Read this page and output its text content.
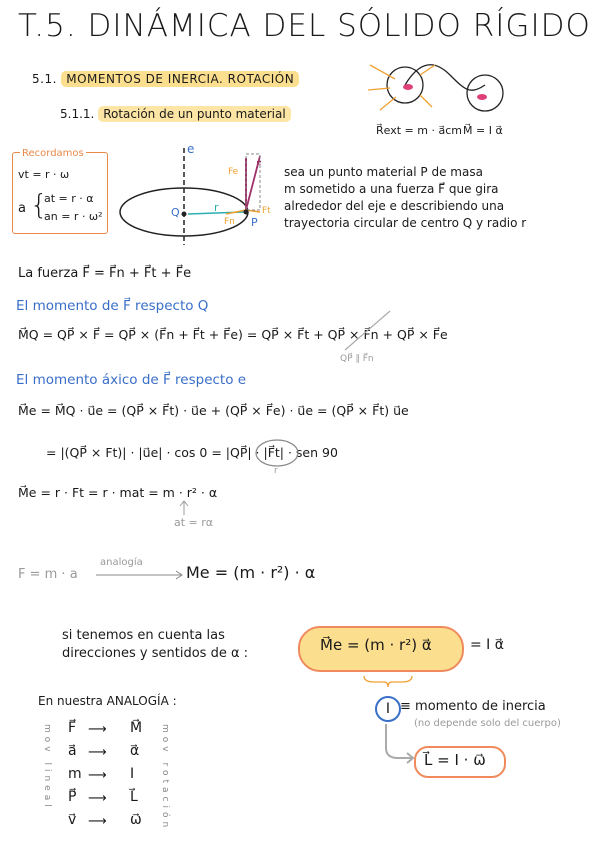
T.5. DINÁMICA DEL SÓLIDO RÍGIDO
5.1. MOMENTOS DE INERCIA. ROTACIÓN
5.1.1. Rotación de un punto material
R⃗ext = m · a⃗cm M⃗ = I α⃗
Recordamos
vt = r · ω
a {
at = r · α
an = r · ω²
e
Q	r
P
Fe
F
Ft
Fn
sea un punto material P de masa
m sometido a una fuerza F⃗ que gira
alrededor del eje e describiendo una
trayectoria circular de centro Q y radio r
La fuerza F⃗ = F⃗n + F⃗t + F⃗e
El momento de F⃗ respecto Q
M⃗Q = QP⃗ × F⃗ = QP⃗ × (F⃗n + F⃗t + F⃗e) = QP⃗ × F⃗t + QP⃗ × F⃗n + QP⃗ × F⃗e
QP⃗ ∥ F⃗n
El momento áxico de F⃗ respecto e
M⃗e = M⃗Q · u⃗e = (QP⃗ × F⃗t) · u⃗e + (QP⃗ × F⃗e) · u⃗e = (QP⃗ × F⃗t) u⃗e
= |(QP⃗ × Ft)| · |u⃗e| · cos 0 = |QP⃗| · |F⃗t| · sen 90
r
M⃗e = r · Ft = r · mat = m · r² · α
at = rα
F = m · a
analogía
Me = (m · r²) · α
si tenemos en cuenta las
direcciones y sentidos de α :	M⃗e = (m · r²) α⃗	= I α⃗
I ≡ momento de inercia
(no depende solo del cuerpo)
L⃗ = I · ω⃗
En nuestra ANALOGÍA :
mov lineal	mov rotación
F⃗ ⟶ M⃗
a⃗ ⟶ α⃗
m ⟶ I
P⃗ ⟶ L⃗
v⃗ ⟶ ω⃗
